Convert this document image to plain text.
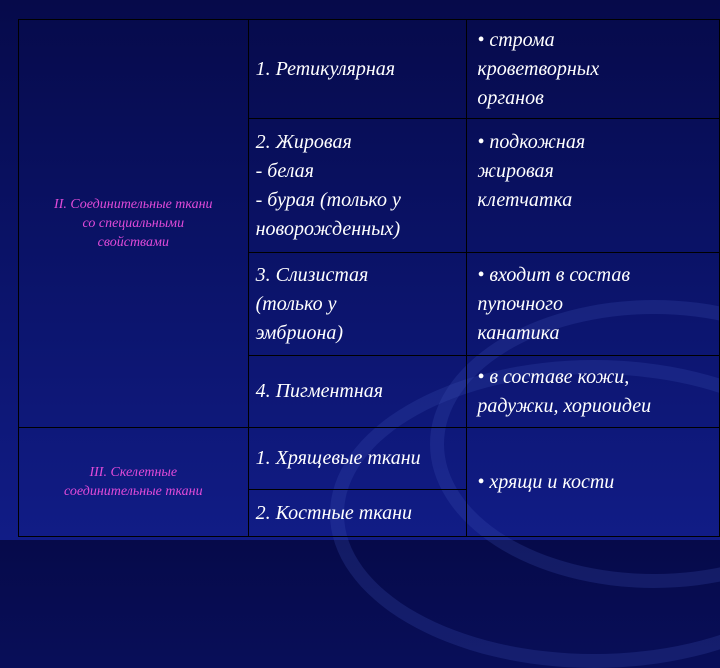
II. Соединительные ткани
со специальными
свойствами	1. Ретикулярная	• строма
кроветворных
органов

	2. Жировая
- белая
- бурая (только у
новорожденных)	• подкожная
жировая
клетчатка

	3. Слизистая
(только у
эмбриона)	• входит в состав
пупочного
канатика

	4. Пигментная	• в составе кожи,
радужки, хориоидеи

III. Скелетные
соединительные ткани	1. Хрящевые ткани	• хрящи и кости

	2. Костные ткани	
